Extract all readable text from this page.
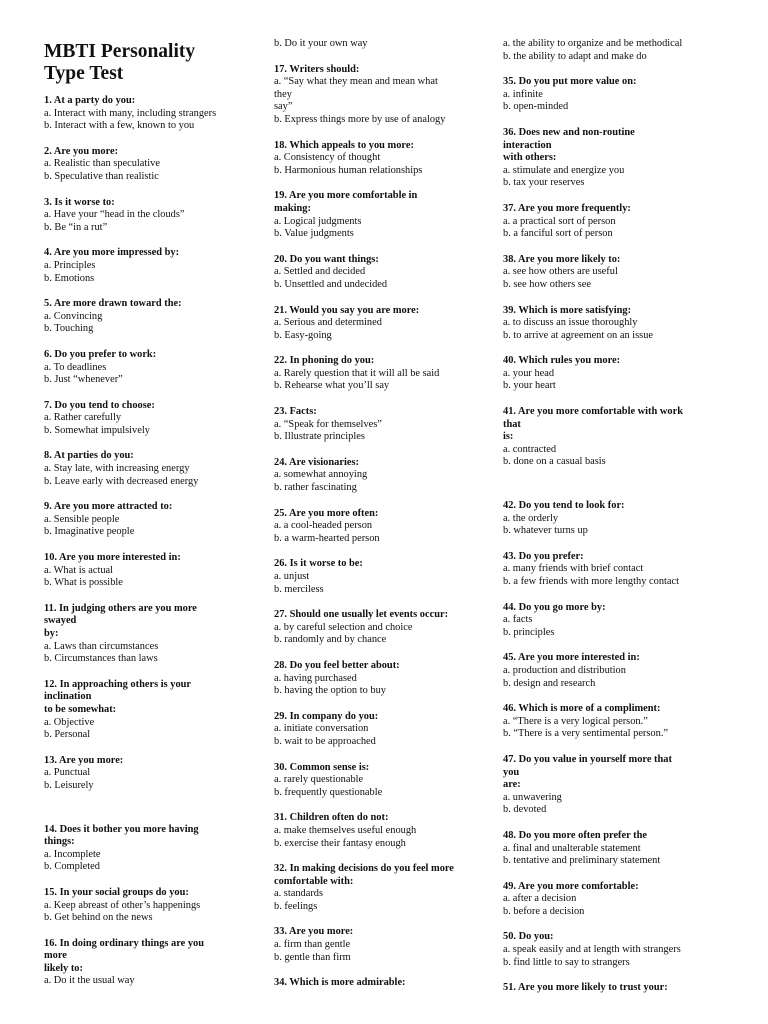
MBTI Personality
Type Test
1. At a party do you:
a. Interact with many, including strangers
b. Interact with a few, known to you
2. Are you more:
a. Realistic than speculative
b. Speculative than realistic
3. Is it worse to:
a. Have your “head in the clouds”
b. Be “in a rut”
4. Are you more impressed by:
a. Principles
b. Emotions
5. Are more drawn toward the:
a. Convincing
b. Touching
6. Do you prefer to work:
a. To deadlines
b. Just “whenever”
7. Do you tend to choose:
a. Rather carefully
b. Somewhat impulsively
8. At parties do you:
a. Stay late, with increasing energy
b. Leave early with decreased energy
9. Are you more attracted to:
a. Sensible people
b. Imaginative people
10. Are you more interested in:
a. What is actual
b. What is possible
11. In judging others are you more
swayed
by:
a. Laws than circumstances
b. Circumstances than laws
12. In approaching others is your
inclination
to be somewhat:
a. Objective
b. Personal
13. Are you more:
a. Punctual
b. Leisurely
14. Does it bother you more having
things:
a. Incomplete
b. Completed
15. In your social groups do you:
a. Keep abreast of other’s happenings
b. Get behind on the news
16. In doing ordinary things are you
more
likely to:
a. Do it the usual way
b. Do it your own way
17. Writers should:
a. “Say what they mean and mean what
they
say”
b. Express things more by use of analogy
18. Which appeals to you more:
a. Consistency of thought
b. Harmonious human relationships
19. Are you more comfortable in
making:
a. Logical judgments
b. Value judgments
20. Do you want things:
a. Settled and decided
b. Unsettled and undecided
21. Would you say you are more:
a. Serious and determined
b. Easy-going
22. In phoning do you:
a. Rarely question that it will all be said
b. Rehearse what you’ll say
23. Facts:
a. “Speak for themselves”
b. Illustrate principles
24. Are visionaries:
a. somewhat annoying
b. rather fascinating
25. Are you more often:
a. a cool-headed person
b. a warm-hearted person
26. Is it worse to be:
a. unjust
b. merciless
27. Should one usually let events occur:
a. by careful selection and choice
b. randomly and by chance
28. Do you feel better about:
a. having purchased
b. having the option to buy
29. In company do you:
a. initiate conversation
b. wait to be approached
30. Common sense is:
a. rarely questionable
b. frequently questionable
31. Children often do not:
a. make themselves useful enough
b. exercise their fantasy enough
32. In making decisions do you feel more
comfortable with:
a. standards
b. feelings
33. Are you more:
a. firm than gentle
b. gentle than firm
34. Which is more admirable:
a. the ability to organize and be methodical
b. the ability to adapt and make do
35. Do you put more value on:
a. infinite
b. open-minded
36. Does new and non-routine
interaction
with others:
a. stimulate and energize you
b. tax your reserves
37. Are you more frequently:
a. a practical sort of person
b. a fanciful sort of person
38. Are you more likely to:
a. see how others are useful
b. see how others see
39. Which is more satisfying:
a. to discuss an issue thoroughly
b. to arrive at agreement on an issue
40. Which rules you more:
a. your head
b. your heart
41. Are you more comfortable with work
that
is:
a. contracted
b. done on a casual basis
42. Do you tend to look for:
a. the orderly
b. whatever turns up
43. Do you prefer:
a. many friends with brief contact
b. a few friends with more lengthy contact
44. Do you go more by:
a. facts
b. principles
45. Are you more interested in:
a. production and distribution
b. design and research
46. Which is more of a compliment:
a. “There is a very logical person.”
b. “There is a very sentimental person.”
47. Do you value in yourself more that
you
are:
a. unwavering
b. devoted
48. Do you more often prefer the
a. final and unalterable statement
b. tentative and preliminary statement
49. Are you more comfortable:
a. after a decision
b. before a decision
50. Do you:
a. speak easily and at length with strangers
b. find little to say to strangers
51. Are you more likely to trust your:
